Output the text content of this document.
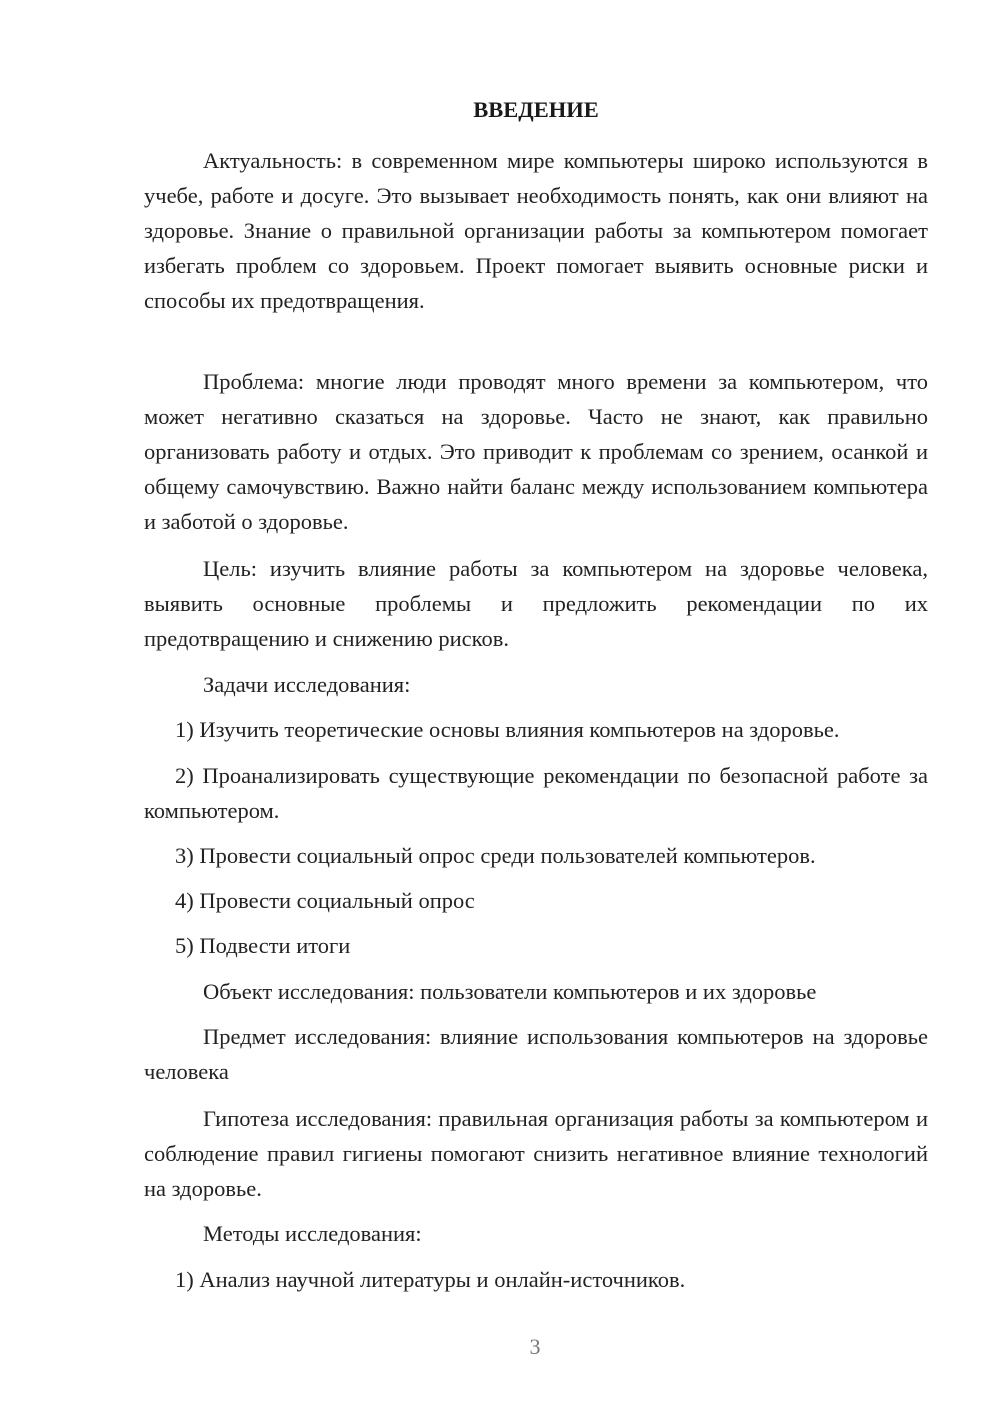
ВВЕДЕНИЕ

Актуальность: в современном мире компьютеры широко используются в учебе, работе и досуге. Это вызывает необходимость понять, как они влияют на здоровье. Знание о правильной организации работы за компьютером помогает избегать проблем со здоровьем. Проект помогает выявить основные риски и способы их предотвращения.

Проблема: многие люди проводят много времени за компьютером, что может негативно сказаться на здоровье. Часто не знают, как правильно организовать работу и отдых. Это приводит к проблемам со зрением, осанкой и общему самочувствию. Важно найти баланс между использованием компьютера и заботой о здоровье.

Цель: изучить влияние работы за компьютером на здоровье человека, выявить основные проблемы и предложить рекомендации по их предотвращению и снижению рисков.

Задачи исследования:

1) Изучить теоретические основы влияния компьютеров на здоровье.

2) Проанализировать существующие рекомендации по безопасной работе за компьютером.

3) Провести социальный опрос среди пользователей компьютеров.

4) Провести социальный опрос

5) Подвести итоги

Объект исследования: пользователи компьютеров и их здоровье

Предмет исследования: влияние использования компьютеров на здоровье человека

Гипотеза исследования: правильная организация работы за компьютером и соблюдение правил гигиены помогают снизить негативное влияние технологий на здоровье.

Методы исследования:

1) Анализ научной литературы и онлайн-источников.

3
